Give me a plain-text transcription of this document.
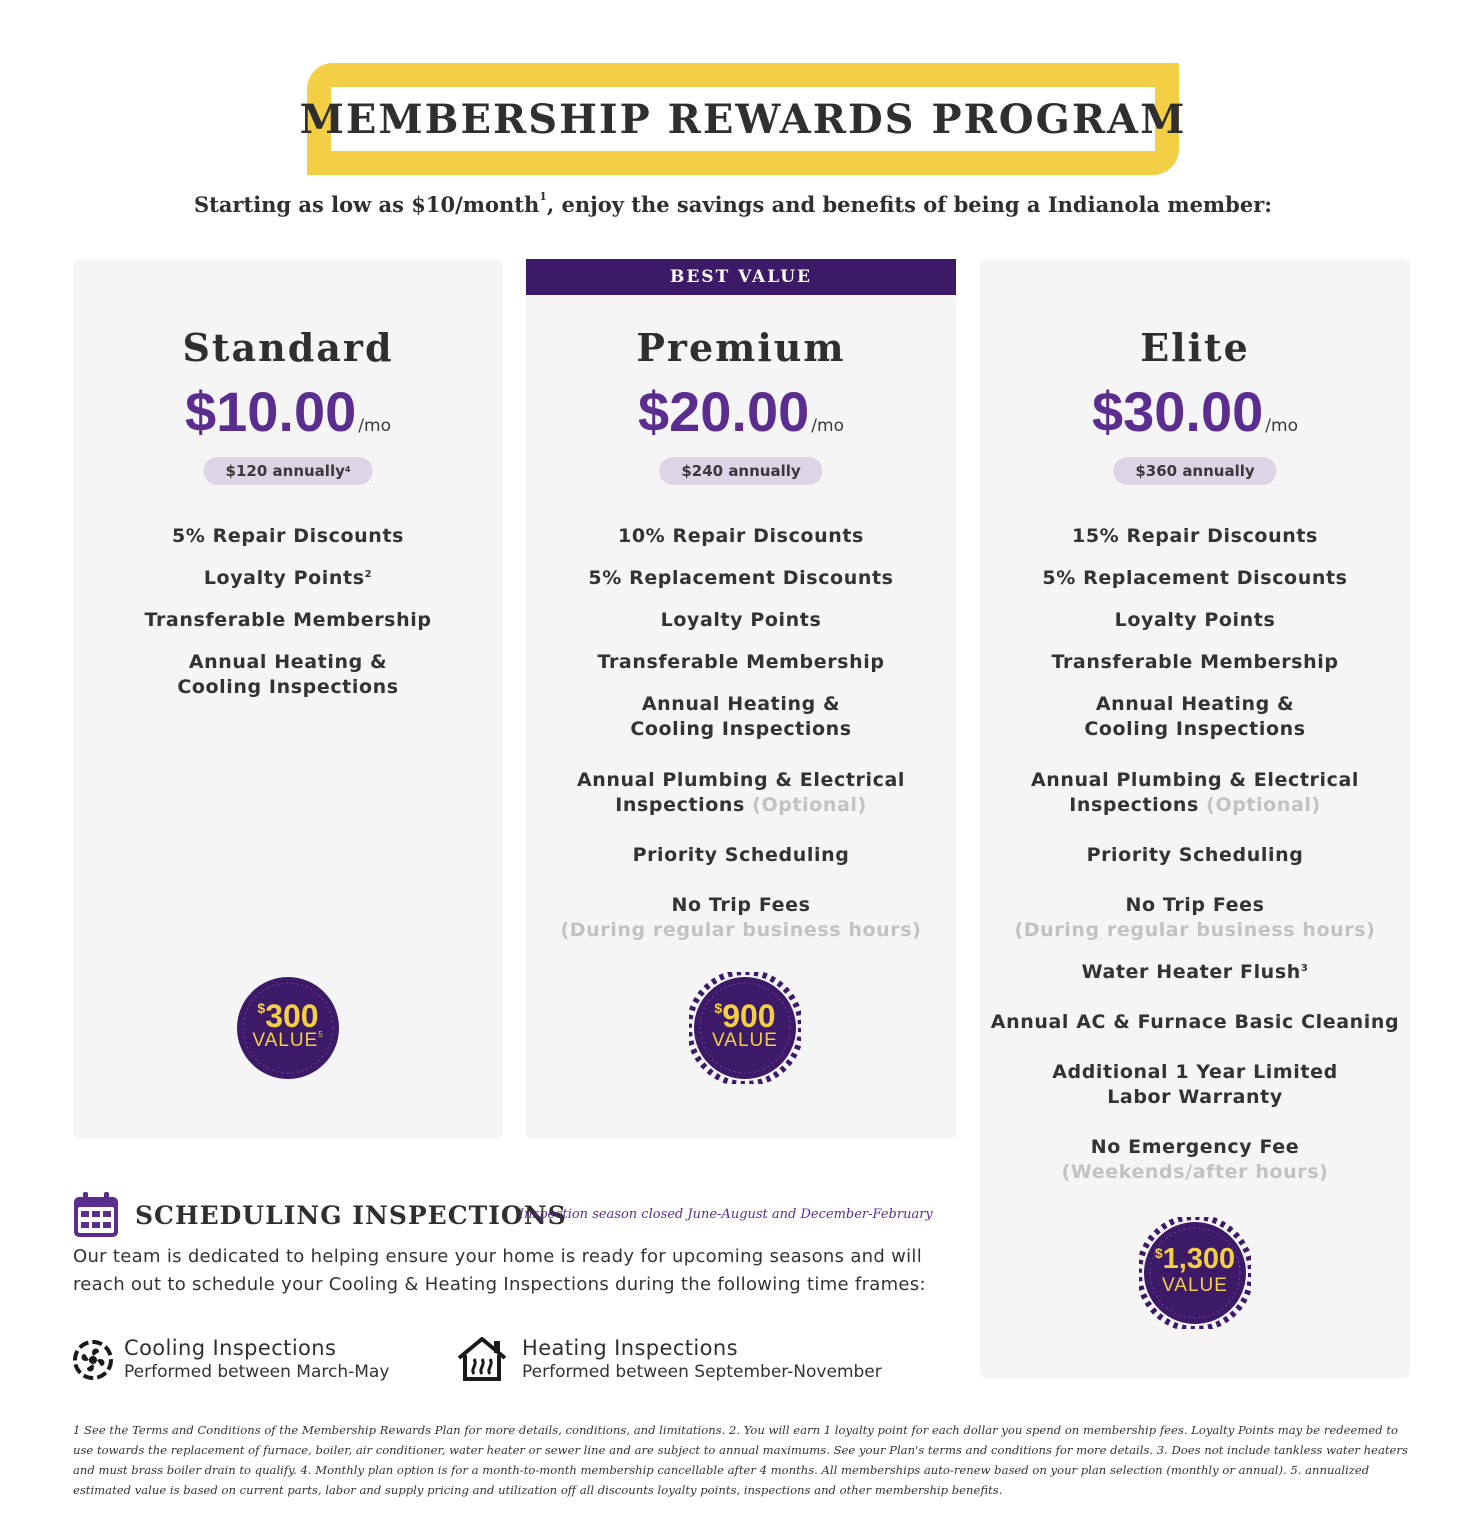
MEMBERSHIP REWARDS PROGRAM

Starting as low as $10/month$^1$, enjoy the savings and benefits of being a Indianola member:

Standard
$10.00 /mo
$120 annually$^4$
5% Repair Discounts
Loyalty Points$^2$
Transferable Membership
Annual Heating &
Cooling Inspections
$300
VALUE$^5$
BEST VALUE
Premium
$20.00 /mo
$240 annually
10% Repair Discounts
5% Replacement Discounts
Loyalty Points
Transferable Membership
Annual Heating &
Cooling Inspections
Annual Plumbing & Electrical
Inspections (Optional)
Priority Scheduling
No Trip Fees
(During regular business hours)
$900
VALUE
Elite
$30.00 /mo
$360 annually
15% Repair Discounts
5% Replacement Discounts
Loyalty Points
Transferable Membership
Annual Heating &
Cooling Inspections
Annual Plumbing & Electrical
Inspections (Optional)
Priority Scheduling
No Trip Fees
(During regular business hours)
Water Heater Flush$^3$
Annual AC & Furnace Basic Cleaning
Additional 1 Year Limited
Labor Warranty
No Emergency Fee
(Weekends/after hours)
$1,300
VALUE
SCHEDULING INSPECTIONS
Inspection season closed June-August and December-February

Our team is dedicated to helping ensure your home is ready for upcoming seasons and will reach out to schedule your Cooling & Heating Inspections during the following time frames:

Cooling Inspections
Performed between March-May
Heating Inspections
Performed between September-November

1 See the Terms and Conditions of the Membership Rewards Plan for more details, conditions, and limitations. 2. You will earn 1 loyalty point for each dollar you spend on membership fees. Loyalty Points may be redeemed to use towards the replacement of furnace, boiler, air conditioner, water heater or sewer line and are subject to annual maximums. See your Plan's terms and conditions for more details. 3. Does not include tankless water heaters and must brass boiler drain to qualify. 4. Monthly plan option is for a month-to-month membership cancellable after 4 months. All memberships auto-renew based on your plan selection (monthly or annual). 5. annualized estimated value is based on current parts, labor and supply pricing and utilization off all discounts loyalty points, inspections and other membership benefits.
